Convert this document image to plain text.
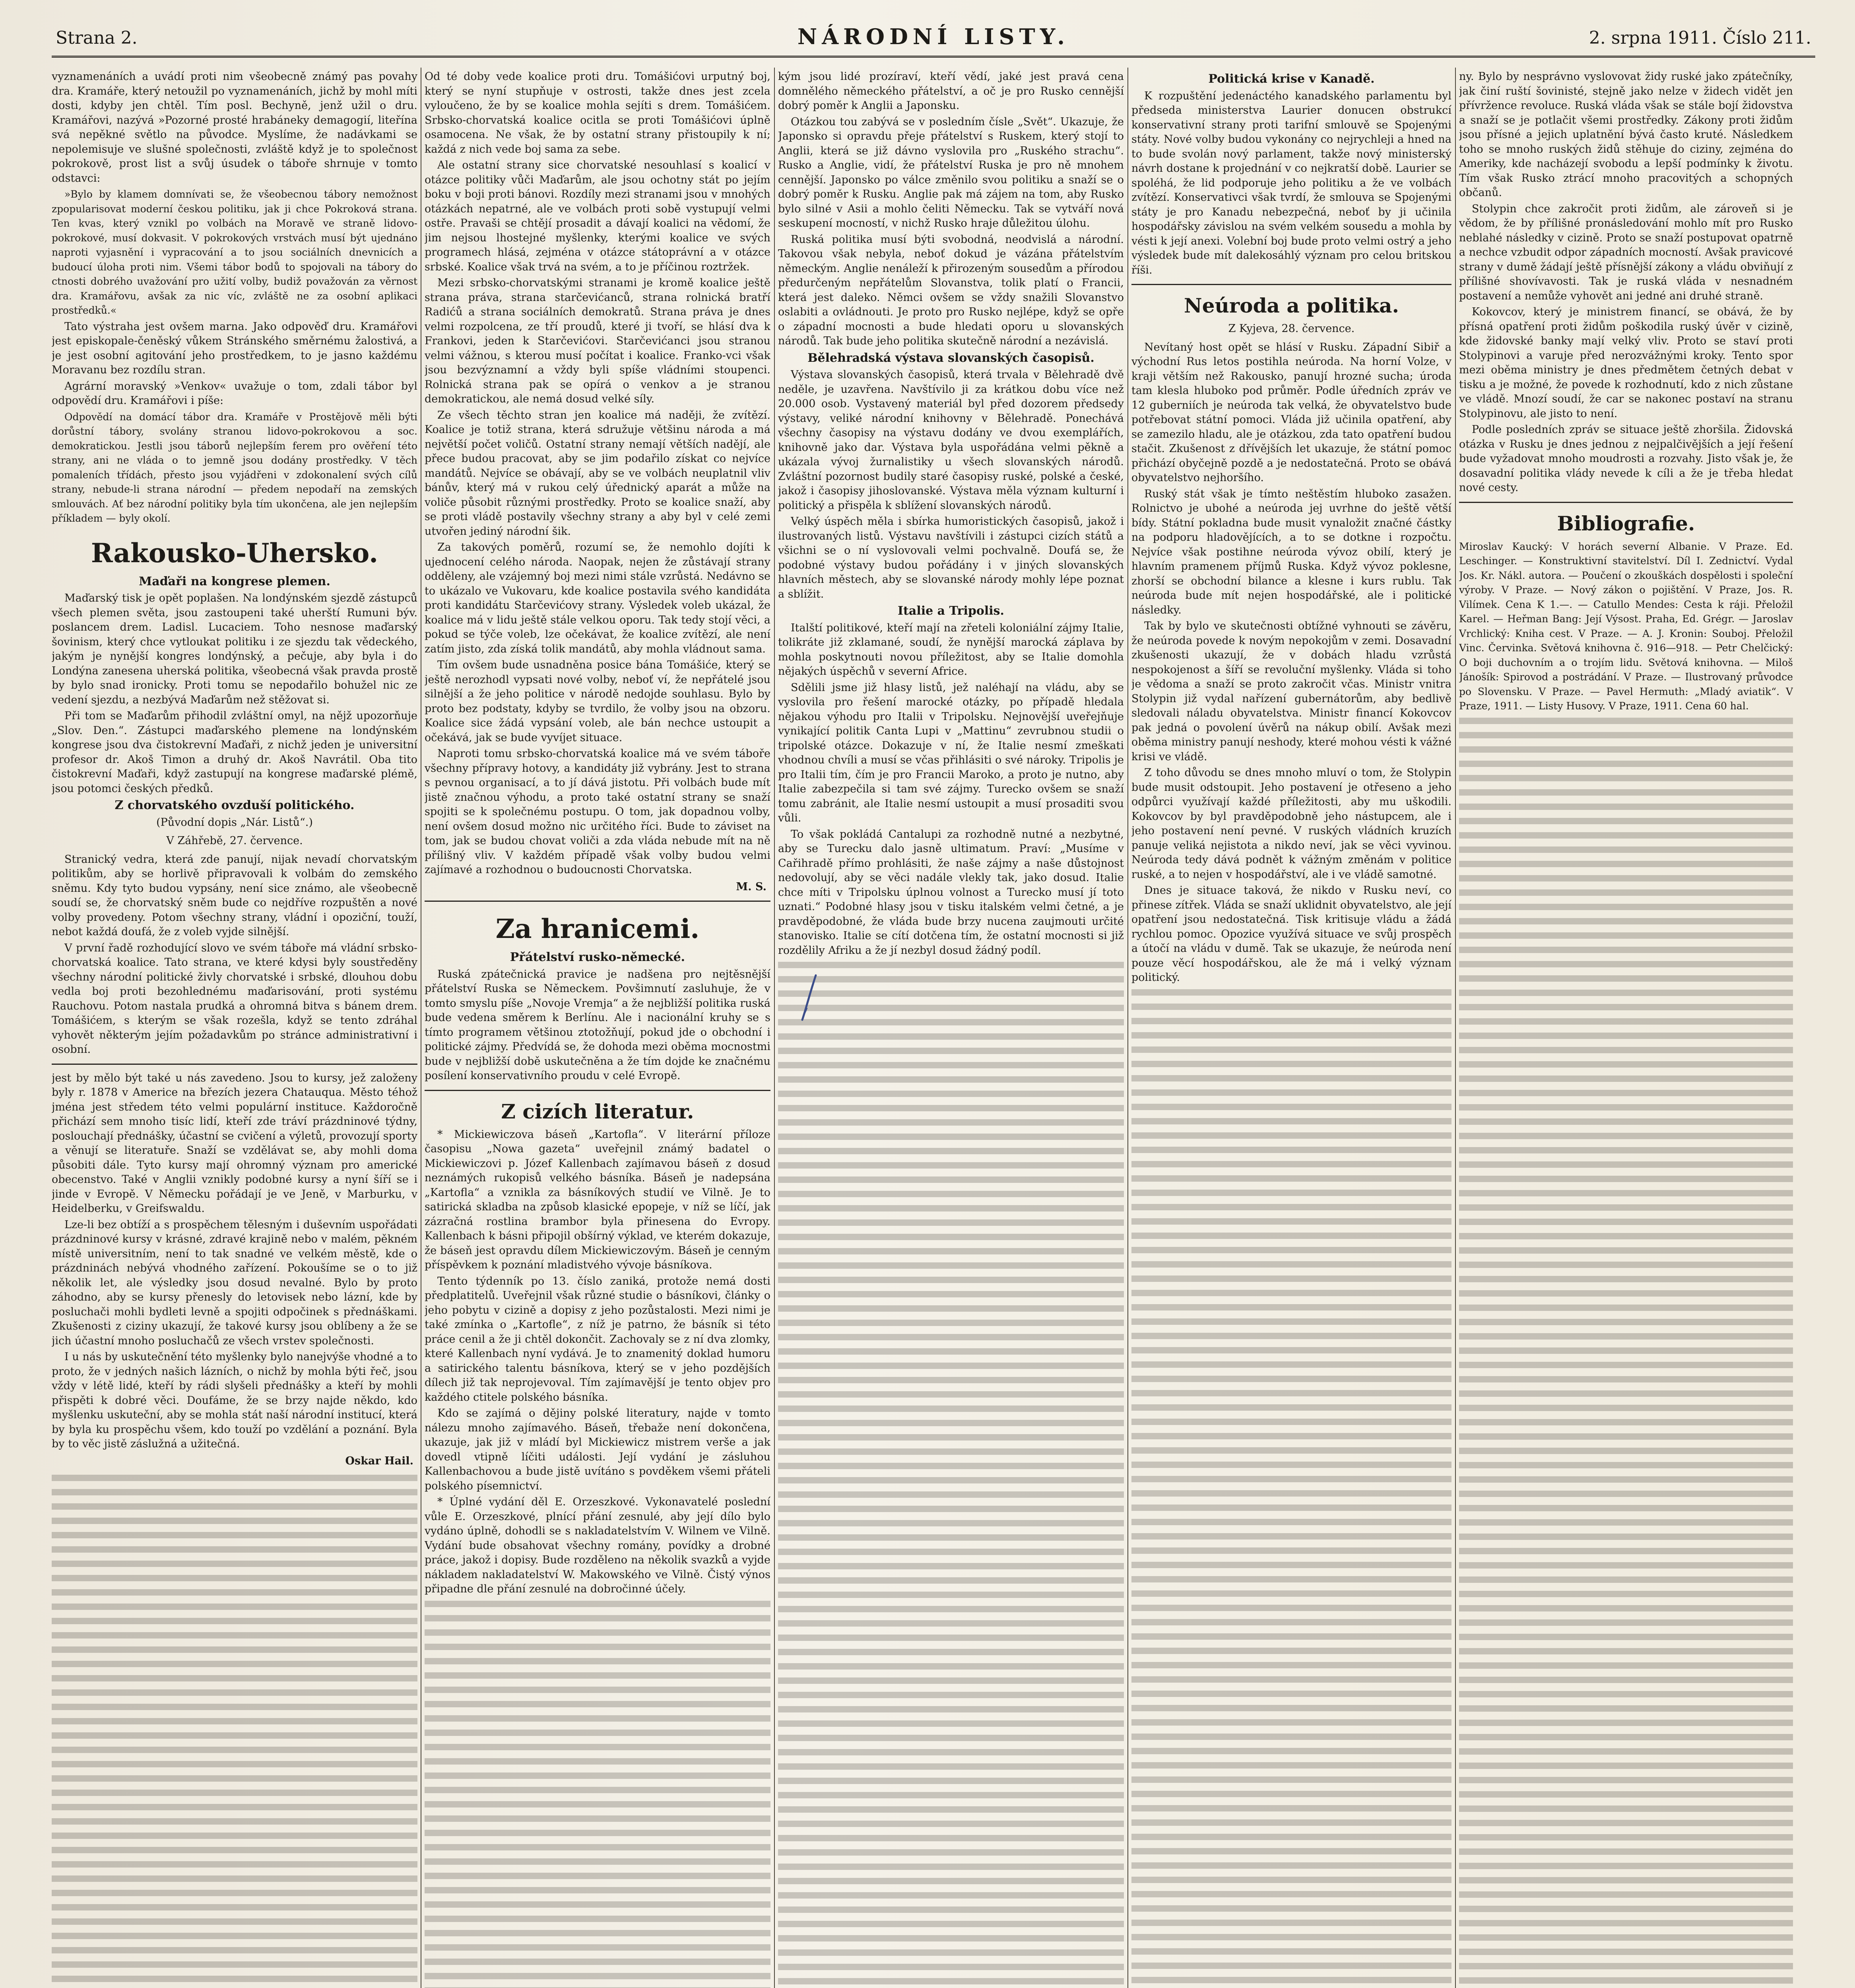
Strana 2.	NÁRODNÍ LISTY.	2. srpna 1911. Číslo 211.

vyznamenáních a uvádí proti nim všeobecně známý pas povahy dra. Kramáře, který netoužil po vyznamenáních, jichž by mohl míti dosti, kdyby jen chtěl. Tím posl. Bechyně, jenž užil o dru. Kramářovi, nazývá »Pozorné prosté hrabáneky demagogií, liteřína svá nepěkné světlo na původce. Myslíme, že nadávkami se nepolemisuje ve slušné společnosti, zvláště když je to společnost pokrokově, prost list a svůj úsudek o táboře shrnuje v tomto odstavci:

»Bylo by klamem domnívati se, že všeobecnou tábory nemožnost zpopularisovat moderní českou politiku, jak ji chce Pokroková strana. Ten kvas, který vznikl po volbách na Moravě ve straně lidovo-pokrokové, musí dokvasit. V pokrokových vrstvách musí být ujednáno naproti vyjasnění i vypracování a to jsou sociálních dnevnicích a budoucí úloha proti nim. Všemi tábor bodů to spojovali na tábory do ctnosti dobrého uvažování pro užití volby, budiž považován za věrnost dra. Kramářovu, avšak za nic víc, zvláště ne za osobní aplikaci prostředků.«

Tato výstraha jest ovšem marna. Jako odpověď dru. Kramářovi jest episkopale-čeněský vůkem Stránského směrnému žalostivá, a je jest osobní agitování jeho prostředkem, to je jasno každému Moravanu bez rozdílu stran.

Agrární moravský »Venkov« uvažuje o tom, zdali tábor byl odpovědí dru. Kramářovi i píše:

Odpovědí na domácí tábor dra. Kramáře v Prostějově měli býti dorůstní tábory, svolány stranou lidovo-pokrokovou a soc. demokratickou. Jestli jsou táborů nejlepším ferem pro ověření této strany, ani ne vláda o to jemně jsou dodány prostředky. V těch pomaleních třídách, přesto jsou vyjádřeni v zdokonalení svých cílů strany, nebude-li strana národní — předem nepodaří na zemských smlouvách. Ať bez národní politiky byla tím ukončena, ale jen nejlepším příkladem — byly okolí.

Rakousko-Uhersko.
Maďaři na kongrese plemen.

Maďarský tisk je opět poplašen. Na londýnském sjezdě zástupců všech plemen světa, jsou zastoupeni také uherští Rumuni býv. poslancem drem. Ladisl. Lucaciem. Toho nesnose maďarský šovinism, který chce vytloukat politiku i ze sjezdu tak vědeckého, jakým je nynější kongres londýnský, a pečuje, aby byla i do Londýna zanesena uherská politika, všeobecná však pravda prostě by bylo snad ironicky. Proti tomu se nepodařilo bohužel nic ze vedení sjezdu, a nezbývá Maďarům než stěžovat si.

Při tom se Maďarům přihodil zvláštní omyl, na nějž upozorňuje „Slov. Den.“. Zástupci maďarského plemene na londýnském kongrese jsou dva čistokrevní Maďaři, z nichž jeden je universitní profesor dr. Akoš Timon a druhý dr. Akoš Navrátil. Oba tito čistokrevní Maďaři, když zastupují na kongrese maďarské plémě, jsou potomci českých předků.

Z chorvatského ovzduší politického.
(Původní dopis „Nár. Listů“.)
V Záhřebě, 27. července.

Stranický vedra, která zde panují, nijak nevadí chorvatským politikům, aby se horlivě připravovali k volbám do zemského sněmu. Kdy tyto budou vypsány, není sice známo, ale všeobecně soudí se, že chorvatský sněm bude co nejdříve rozpuštěn a nové volby provedeny. Potom všechny strany, vládní i opoziční, touží, nebot každá doufá, že z voleb vyjde silnější.

V první řadě rozhodující slovo ve svém táboře má vládní srbsko-chorvatská koalice. Tato strana, ve které kdysi byly soustředěny všechny národní politické živly chorvatské i srbské, dlouhou dobu vedla boj proti bezohlednému maďarisování, proti systému Rauchovu. Potom nastala prudká a ohromná bitva s bánem drem. Tomášićem, s kterým se však rozešla, když se tento zdráhal vyhovět některým jejím požadavkům po stránce administrativní i osobní.

jest by mělo být také u nás zavedeno. Jsou to kursy, jež založeny byly r. 1878 v Americe na březích jezera Chatauqua. Město téhož jména jest středem této velmi populární instituce. Každoročně přichází sem mnoho tisíc lidí, kteří zde tráví prázdninové týdny, poslouchají přednášky, účastní se cvičení a výletů, provozují sporty a věnují se literatuře. Snaží se vzdělávat se, aby mohli doma působiti dále. Tyto kursy mají ohromný význam pro americké obecenstvo. Také v Anglii vznikly podobné kursy a nyní šíří se i jinde v Evropě. V Německu pořádají je ve Jeně, v Marburku, v Heidelberku, v Greifswaldu.

Lze-li bez obtíží a s prospěchem tělesným i duševním uspořádati prázdninové kursy v krásné, zdravé krajině nebo v malém, pěkném místě universitním, není to tak snadné ve velkém městě, kde o prázdninách nebývá vhodného zařízení. Pokoušíme se o to již několik let, ale výsledky jsou dosud nevalné. Bylo by proto záhodno, aby se kursy přenesly do letovisek nebo lázní, kde by posluchači mohli bydleti levně a spojiti odpočinek s přednáškami. Zkušenosti z ciziny ukazují, že takové kursy jsou oblíbeny a že se jich účastní mnoho posluchačů ze všech vrstev společnosti.

I u nás by uskutečnění této myšlenky bylo nanejvýše vhodné a to proto, že v jedných našich lázních, o nichž by mohla býti řeč, jsou vždy v létě lidé, kteří by rádi slyšeli přednášky a kteří by mohli přispěti k dobré věci. Doufáme, že se brzy najde někdo, kdo myšlenku uskuteční, aby se mohla stát naší národní institucí, která by byla ku prospěchu všem, kdo touží po vzdělání a poznání. Byla by to věc jistě záslužná a užitečná.

Oskar Hail.

Od té doby vede koalice proti dru. Tomášićovi urputný boj, který se nyní stupňuje v ostrosti, takže dnes jest zcela vyloučeno, že by se koalice mohla sejíti s drem. Tomášićem. Srbsko-chorvatská koalice ocitla se proti Tomášićovi úplně osamocena. Ne však, že by ostatní strany přistoupily k ní; každá z nich vede boj sama za sebe.

Ale ostatní strany sice chorvatské nesouhlasí s koalicí v otázce politiky vůči Maďarům, ale jsou ochotny stát po jejím boku v boji proti bánovi. Rozdíly mezi stranami jsou v mnohých otázkách nepatrné, ale ve volbách proti sobě vystupují velmi ostře. Pravaši se chtějí prosadit a dávají koalici na vědomí, že jim nejsou lhostejné myšlenky, kterými koalice ve svých programech hlásá, zejména v otázce státoprávní a v otázce srbské. Koalice však trvá na svém, a to je příčinou roztržek.

Mezi srbsko-chorvatskými stranami je kromě koalice ještě strana práva, strana starčevićanců, strana rolnická bratří Radićů a strana sociálních demokratů. Strana práva je dnes velmi rozpolcena, ze tří proudů, které ji tvoří, se hlásí dva k Frankovi, jeden k Starčevićovi. Starčevićanci jsou stranou velmi vážnou, s kterou musí počítat i koalice. Franko-vci však jsou bezvýznamní a vždy byli spíše vládními stoupenci. Rolnická strana pak se opírá o venkov a je stranou demokratickou, ale nemá dosud velké síly.

Ze všech těchto stran jen koalice má naději, že zvítězí. Koalice je totiž strana, která sdružuje většinu národa a má největší počet voličů. Ostatní strany nemají větších nadějí, ale přece budou pracovat, aby se jim podařilo získat co nejvíce mandátů. Nejvíce se obávají, aby se ve volbách neuplatnil vliv bánův, který má v rukou celý úřednický aparát a může na voliče působit různými prostředky. Proto se koalice snaží, aby se proti vládě postavily všechny strany a aby byl v celé zemi utvořen jediný národní šik.

Za takových poměrů, rozumí se, že nemohlo dojíti k ujednocení celého národa. Naopak, nejen že zůstávají strany odděleny, ale vzájemný boj mezi nimi stále vzrůstá. Nedávno se to ukázalo ve Vukovaru, kde koalice postavila svého kandidáta proti kandidátu Starčevićovy strany. Výsledek voleb ukázal, že koalice má v lidu ještě stále velkou oporu. Tak tedy stojí věci, a pokud se týče voleb, lze očekávat, že koalice zvítězí, ale není zatím jisto, zda získá tolik mandátů, aby mohla vládnout sama.

Tím ovšem bude usnadněna posice bána Tomášiće, který se ještě nerozhodl vypsati nové volby, neboť ví, že nepřátelé jsou silnější a že jeho politice v národě nedojde souhlasu. Bylo by proto bez podstaty, kdyby se tvrdilo, že volby jsou na obzoru. Koalice sice žádá vypsání voleb, ale bán nechce ustoupit a očekává, jak se bude vyvíjet situace.

Naproti tomu srbsko-chorvatská koalice má ve svém táboře všechny přípravy hotovy, a kandidáty již vybrány. Jest to strana s pevnou organisací, a to jí dává jistotu. Při volbách bude mít jistě značnou výhodu, a proto také ostatní strany se snaží spojiti se k společnému postupu. O tom, jak dopadnou volby, není ovšem dosud možno nic určitého říci. Bude to záviset na tom, jak se budou chovat voliči a zda vláda nebude mít na ně přílišný vliv. V každém případě však volby budou velmi zajímavé a rozhodnou o budoucnosti Chorvatska.

M. S.
Za hranicemi.
Přátelství rusko-německé.

Ruská zpátečnická pravice je nadšena pro nejtěsnější přátelství Ruska se Německem. Povšimnutí zasluhuje, že v tomto smyslu píše „Novoje Vremja“ a že nejbližší politika ruská bude vedena směrem k Berlínu. Ale i nacionální kruhy se s tímto programem většinou ztotožňují, pokud jde o obchodní i politické zájmy. Předvídá se, že dohoda mezi oběma mocnostmi bude v nejbližší době uskutečněna a že tím dojde ke značnému posílení konservativního proudu v celé Evropě.

Z cizích literatur.

* Mickiewiczova báseň „Kartofla“. V literární příloze časopisu „Nowa gazeta“ uveřejnil známý badatel o Mickiewiczovi p. Józef Kallenbach zajímavou báseň z dosud neznámých rukopisů velkého básníka. Báseň je nadepsána „Kartofla“ a vznikla za básníkových studií ve Vilně. Je to satirická skladba na způsob klasické epopeje, v níž se líčí, jak zázračná rostlina brambor byla přinesena do Evropy. Kallenbach k básni připojil obšírný výklad, ve kterém dokazuje, že báseň jest opravdu dílem Mickiewiczovým. Báseň je cenným příspěvkem k poznání mladistvého vývoje básníkova.

Tento týdenník po 13. číslo zaniká, protože nemá dosti předplatitelů. Uveřejnil však různé studie o básníkovi, články o jeho pobytu v cizině a dopisy z jeho pozůstalosti. Mezi nimi je také zmínka o „Kartofle“, z níž je patrno, že básník si této práce cenil a že ji chtěl dokončit. Zachovaly se z ní dva zlomky, které Kallenbach nyní vydává. Je to znamenitý doklad humoru a satirického talentu básníkova, který se v jeho pozdějších dílech již tak neprojevoval. Tím zajímavější je tento objev pro každého ctitele polského básníka.

Kdo se zajímá o dějiny polské literatury, najde v tomto nálezu mnoho zajímavého. Báseň, třebaže není dokončena, ukazuje, jak již v mládí byl Mickiewicz mistrem verše a jak dovedl vtipně líčiti události. Její vydání je zásluhou Kallenbachovou a bude jistě uvítáno s povděkem všemi přáteli polského písemnictví.

* Úplné vydání děl E. Orzeszkové. Vykonavatelé poslední vůle E. Orzeszkové, plnící přání zesnulé, aby její dílo bylo vydáno úplně, dohodli se s nakladatelstvím V. Wilnem ve Vilně. Vydání bude obsahovat všechny romány, povídky a drobné práce, jakož i dopisy. Bude rozděleno na několik svazků a vyjde nákladem nakladatelství W. Makowského ve Vilně. Čistý výnos připadne dle přání zesnulé na dobročinné účely.

kým jsou lidé prozíraví, kteří vědí, jaké jest pravá cena domnělého německého přátelství, a oč je pro Rusko cennější dobrý poměr k Anglii a Japonsku.

Otázkou tou zabývá se v posledním čísle „Svět“. Ukazuje, že Japonsko si opravdu přeje přátelství s Ruskem, který stojí to Anglii, která se již dávno vyslovila pro „Ruského strachu“. Rusko a Anglie, vidí, že přátelství Ruska je pro ně mnohem cennější. Japonsko po válce změnilo svou politiku a snaží se o dobrý poměr k Rusku. Anglie pak má zájem na tom, aby Rusko bylo silné v Asii a mohlo čeliti Německu. Tak se vytváří nová seskupení mocností, v nichž Rusko hraje důležitou úlohu.

Ruská politika musí býti svobodná, neodvislá a národní. Takovou však nebyla, neboť dokud je vázána přátelstvím německým. Anglie nenáleží k přirozeným sousedům a přírodou předurčeným nepřátelům Slovanstva, tolik platí o Francii, která jest daleko. Němci ovšem se vždy snažili Slovanstvo oslabiti a ovládnouti. Je proto pro Rusko nejlépe, když se opře o západní mocnosti a bude hledati oporu u slovanských národů. Tak bude jeho politika skutečně národní a nezávislá.

Bělehradská výstava slovanských časopisů.

Výstava slovanských časopisů, která trvala v Bělehradě dvě neděle, je uzavřena. Navštívilo ji za krátkou dobu více než 20.000 osob. Vystavený materiál byl před dozorem předsedy výstavy, veliké národní knihovny v Bělehradě. Ponechává všechny časopisy na výstavu dodány ve dvou exemplářích, knihovně jako dar. Výstava byla uspořádána velmi pěkně a ukázala vývoj žurnalistiky u všech slovanských národů. Zvláštní pozornost budily staré časopisy ruské, polské a české, jakož i časopisy jihoslovanské. Výstava měla význam kulturní i politický a přispěla k sblížení slovanských národů.

Velký úspěch měla i sbírka humoristických časopisů, jakož i ilustrovaných listů. Výstavu navštívili i zástupci cizích států a všichni se o ní vyslovovali velmi pochvalně. Doufá se, že podobné výstavy budou pořádány i v jiných slovanských hlavních městech, aby se slovanské národy mohly lépe poznat a sblížit.

Italie a Tripolis.

Italští politikové, kteří mají na zřeteli koloniální zájmy Italie, tolikráte již zklamané, soudí, že nynější marocká záplava by mohla poskytnouti novou příležitost, aby se Italie domohla nějakých úspěchů v severní Africe.

Sdělili jsme již hlasy listů, jež naléhají na vládu, aby se vyslovila pro řešení marocké otázky, po případě hledala nějakou výhodu pro Italii v Tripolsku. Nejnovější uveřejňuje vynikající politik Canta Lupi v „Mattinu“ zevrubnou studii o tripolské otázce. Dokazuje v ní, že Italie nesmí zmeškati vhodnou chvíli a musí se včas přihlásiti o své nároky. Tripolis je pro Italii tím, čím je pro Francii Maroko, a proto je nutno, aby Italie zabezpečila si tam své zájmy. Turecko ovšem se snaží tomu zabránit, ale Italie nesmí ustoupit a musí prosaditi svou vůli.

To však pokládá Cantalupi za rozhodně nutné a nezbytné, aby se Turecku dalo jasně ultimatum. Praví: „Musíme v Cařihradě přímo prohlásiti, že naše zájmy a naše důstojnost nedovolují, aby se věci nadále vlekly tak, jako dosud. Italie chce míti v Tripolsku úplnou volnost a Turecko musí jí toto uznati.“ Podobné hlasy jsou v tisku italském velmi četné, a je pravděpodobné, že vláda bude brzy nucena zaujmouti určité stanovisko. Italie se cítí dotčena tím, že ostatní mocnosti si již rozdělily Afriku a že jí nezbyl dosud žádný podíl.

Politická krise v Kanadě.

K rozpuštění jedenáctého kanadského parlamentu byl předseda ministerstva Laurier donucen obstrukcí konservativní strany proti tarifní smlouvě se Spojenými státy. Nové volby budou vykonány co nejrychleji a hned na to bude svolán nový parlament, takže nový ministerský návrh dostane k projednání v co nejkratší době. Laurier se spoléhá, že lid podporuje jeho politiku a že ve volbách zvítězí. Konservativci však tvrdí, že smlouva se Spojenými státy je pro Kanadu nebezpečná, neboť by ji učinila hospodářsky závislou na svém velkém sousedu a mohla by vésti k její anexi. Volební boj bude proto velmi ostrý a jeho výsledek bude mít dalekosáhlý význam pro celou britskou říši.

Neúroda a politika.
Z Kyjeva, 28. července.

Nevítaný host opět se hlásí v Rusku. Západní Sibiř a východní Rus letos postihla neúroda. Na horní Volze, v kraji větším než Rakousko, panují hrozné sucha; úroda tam klesla hluboko pod průměr. Podle úředních zpráv ve 12 guberniích je neúroda tak velká, že obyvatelstvo bude potřebovat státní pomoci. Vláda již učinila opatření, aby se zamezilo hladu, ale je otázkou, zda tato opatření budou stačit. Zkušenost z dřívějších let ukazuje, že státní pomoc přichází obyčejně pozdě a je nedostatečná. Proto se obává obyvatelstvo nejhoršího.

Ruský stát však je tímto neštěstím hluboko zasažen. Rolnictvo je ubohé a neúroda jej uvrhne do ještě větší bídy. Státní pokladna bude musit vynaložit značné částky na podporu hladovějících, a to se dotkne i rozpočtu. Nejvíce však postihne neúroda vývoz obilí, který je hlavním pramenem příjmů Ruska. Když vývoz poklesne, zhorší se obchodní bilance a klesne i kurs rublu. Tak neúroda bude mít nejen hospodářské, ale i politické následky.

Tak by bylo ve skutečnosti obtížné vyhnouti se závěru, že neúroda povede k novým nepokojům v zemi. Dosavadní zkušenosti ukazují, že v dobách hladu vzrůstá nespokojenost a šíří se revoluční myšlenky. Vláda si toho je vědoma a snaží se proto zakročit včas. Ministr vnitra Stolypin již vydal nařízení gubernátorům, aby bedlivě sledovali náladu obyvatelstva. Ministr financí Kokovcov pak jedná o povolení úvěrů na nákup obilí. Avšak mezi oběma ministry panují neshody, které mohou vésti k vážné krisi ve vládě.

Z toho důvodu se dnes mnoho mluví o tom, že Stolypin bude musit odstoupit. Jeho postavení je otřeseno a jeho odpůrci využívají každé příležitosti, aby mu uškodili. Kokovcov by byl pravděpodobně jeho nástupcem, ale i jeho postavení není pevné. V ruských vládních kruzích panuje veliká nejistota a nikdo neví, jak se věci vyvinou. Neúroda tedy dává podnět k vážným změnám v politice ruské, a to nejen v hospodářství, ale i ve vládě samotné.

Dnes je situace taková, že nikdo v Rusku neví, co přinese zítřek. Vláda se snaží uklidnit obyvatelstvo, ale její opatření jsou nedostatečná. Tisk kritisuje vládu a žádá rychlou pomoc. Opozice využívá situace ve svůj prospěch a útočí na vládu v dumě. Tak se ukazuje, že neúroda není pouze věcí hospodářskou, ale že má i velký význam politický.

ny. Bylo by nesprávno vyslovovat židy ruské jako zpátečníky, jak činí ruští šovinisté, stejně jako nelze v židech vidět jen přívržence revoluce. Ruská vláda však se stále bojí židovstva a snaží se je potlačit všemi prostředky. Zákony proti židům jsou přísné a jejich uplatnění bývá často kruté. Následkem toho se mnoho ruských židů stěhuje do ciziny, zejména do Ameriky, kde nacházejí svobodu a lepší podmínky k životu. Tím však Rusko ztrácí mnoho pracovitých a schopných občanů.

Stolypin chce zakročit proti židům, ale zároveň si je vědom, že by přílišné pronásledování mohlo mít pro Rusko neblahé následky v cizině. Proto se snaží postupovat opatrně a nechce vzbudit odpor západních mocností. Avšak pravicové strany v dumě žádají ještě přísnější zákony a vládu obviňují z přílišné shovívavosti. Tak je ruská vláda v nesnadném postavení a nemůže vyhovět ani jedné ani druhé straně.

Kokovcov, který je ministrem financí, se obává, že by přísná opatření proti židům poškodila ruský úvěr v cizině, kde židovské banky mají velký vliv. Proto se staví proti Stolypinovi a varuje před nerozvážnými kroky. Tento spor mezi oběma ministry je dnes předmětem četných debat v tisku a je možné, že povede k rozhodnutí, kdo z nich zůstane ve vládě. Mnozí soudí, že car se nakonec postaví na stranu Stolypinovu, ale jisto to není.

Podle posledních zpráv se situace ještě zhoršila. Židovská otázka v Rusku je dnes jednou z nejpalčivějších a její řešení bude vyžadovat mnoho moudrosti a rozvahy. Jisto však je, že dosavadní politika vlády nevede k cíli a že je třeba hledat nové cesty.

Bibliografie.

Miroslav Kaucký: V horách severní Albanie. V Praze. Ed. Leschinger. — Konstruktivní stavitelství. Díl I. Zednictví. Vydal Jos. Kr. Nákl. autora. — Poučení o zkouškách dospělosti i společní výroby. V Praze. — Nový zákon o pojištění. V Praze, Jos. R. Vilímek. Cena K 1.—. — Catullo Mendes: Cesta k ráji. Přeložil Karel. — Heřman Bang: Její Výsost. Praha, Ed. Grégr. — Jaroslav Vrchlický: Kniha cest. V Praze. — A. J. Kronin: Souboj. Přeložil Vinc. Červinka. Světová knihovna č. 916—918. — Petr Chelčický: O boji duchovním a o trojím lidu. Světová knihovna. — Miloš Jánošík: Spirovod a postrádání. V Praze. — Ilustrovaný průvodce po Slovensku. V Praze. — Pavel Hermuth: „Mladý aviatik“. V Praze, 1911. — Listy Husovy. V Praze, 1911. Cena 60 hal.
